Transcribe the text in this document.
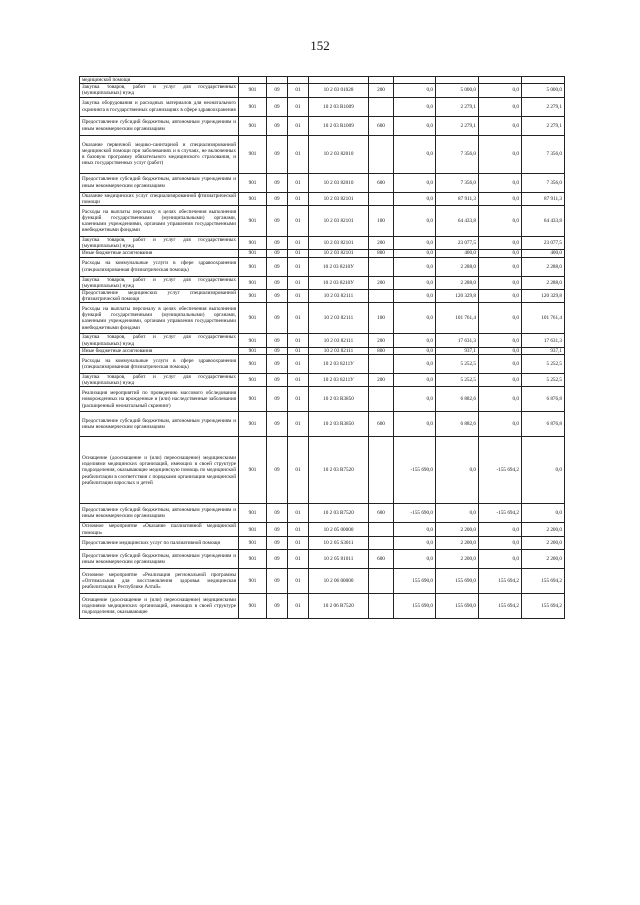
152
медицинской помощи									
Закупка товаров, работ и услуг для государственных (муниципальных) нужд	901	09	01	10 2 03 01028	200	0,0	5 000,0	0,0	5 000,0
Закупка оборудования и расходных материалов для неонатального скрининга в государственных организациях в сфере здравоохранения	901	09	01	10 2 03 R1009		0,0	2 279,1	0,0	2 279,1
Предоставление субсидий бюджетным, автономным учреждениям и иным некоммерческим организациям	901	09	01	10 2 03 R1009	600	0,0	2 279,1	0,0	2 279,1
Оказание первичной медико-санитарной и специализированной медицинской помощи при заболеваниях и в случаях, не включенных в базовую программу обязательного медицинского страхования, и иных государственных услуг (работ)	901	09	01	10 2 03 82010		0,0	7 356,0	0,0	7 356,0
Предоставление субсидий бюджетным, автономным учреждениям и иным некоммерческим организациям	901	09	01	10 2 03 82010	600	0,0	7 356,0	0,0	7 356,0
Оказание медицинских услуг специализированной фтизиатрической помощи	901	09	01	10 2 03 82101		0,0	87 911,3	0,0	87 911,3
Расходы на выплаты персоналу в целях обеспечения выполнения функций государственными (муниципальными) органами, казенными учреждениями, органами управления государственными внебюджетными фондами	901	09	01	10 2 03 82101	100	0,0	64 433,8	0,0	64 433,8
Закупка товаров, работ и услуг для государственных (муниципальных) нужд	901	09	01	10 2 03 82101	200	0,0	23 077,5	0,0	23 077,5
Иные бюджетные ассигнования	901	09	01	10 2 03 82101	800	0,0	400,0	0,0	400,0
Расходы на коммунальные услуги в сфере здравоохранения (специализированная фтизиатрическая помощь)	901	09	01	10 2 03 8210У		0,0	2 288,0	0,0	2 288,0
Закупка товаров, работ и услуг для государственных (муниципальных) нужд	901	09	01	10 2 03 8210У	200	0,0	2 288,0	0,0	2 288,0
Предоставление медицинских услуг специализированной фтизиатрической помощи	901	09	01	10 2 03 82111		0,0	120 329,8	0,0	120 329,8
Расходы на выплаты персоналу в целях обеспечения выполнения функций государственными (муниципальными) органами, казенными учреждениями, органами управления государственными внебюджетными фондами	901	09	01	10 2 03 82111	100	0,0	101 761,4	0,0	101 761,4
Закупка товаров, работ и услуг для государственных (муниципальных) нужд	901	09	01	10 2 03 82111	200	0,0	17 631,3	0,0	17 631,3
Иные бюджетные ассигнования	901	09	01	10 2 03 82111	800	0,0	937,1	0,0	937,1
Расходы на коммунальные услуги в сфере здравоохранения (специализированная фтизиатрическая помощь)	901	09	01	10 2 03 8211У		0,0	5 252,5	0,0	5 252,5
Закупка товаров, работ и услуг для государственных (муниципальных) нужд	901	09	01	10 2 03 8211У	200	0,0	5 252,5	0,0	5 252,5
Реализация мероприятий по проведению массового обследования новорожденных на врожденные и (или) наследственные заболевания (расширенный неонатальный скрининг)	901	09	01	10 2 03 R3850		0,0	6 882,6	0,0	6 876,8
Предоставление субсидий бюджетным, автономным учреждениям и иным некоммерческим организациям	901	09	01	10 2 03 R3850	600	0,0	6 882,6	0,0	6 876,8
Оснащение (дооснащение и (или) переоснащение) медицинскими изделиями медицинских организаций, имеющих в своей структуре подразделения, оказывающие медицинскую помощь по медицинской реабилитации в соответствии с порядками организации медицинской реабилитации взрослых и детей	901	09	01	10 2 03 R7520		-155 690,0	0,0	-155 694,2	0,0
Предоставление субсидий бюджетным, автономным учреждениям и иным некоммерческим организациям	901	09	01	10 2 03 R7520	600	-155 690,0	0,0	-155 694,2	0,0
Основное мероприятие «Оказание паллиативной медицинской помощи»	901	09	01	10 2 05 00000		0,0	2 200,0	0,0	2 200,0
Предоставление медицинских услуг по паллиативной помощи	901	09	01	10 2 05 S3011		0,0	2 200,0	0,0	2 200,0
Предоставление субсидий бюджетным, автономным учреждениям и иным некоммерческим организациям	901	09	01	10 2 05 81011	600	0,0	2 200,0	0,0	2 200,0
Основное мероприятие «Реализация региональной программы «Оптимальная для восстановления здоровья медицинская реабилитация в Республике Алтай»	901	09	01	10 2 06 00000		155 690,0	155 690,0	155 694,2	155 694,2
Оснащение (дооснащение и (или) переоснащение) медицинскими изделиями медицинских организаций, имеющих в своей структуре подразделения, оказывающие	901	09	01	10 2 06 R7520		155 690,0	155 690,0	155 694,2	155 694,2
